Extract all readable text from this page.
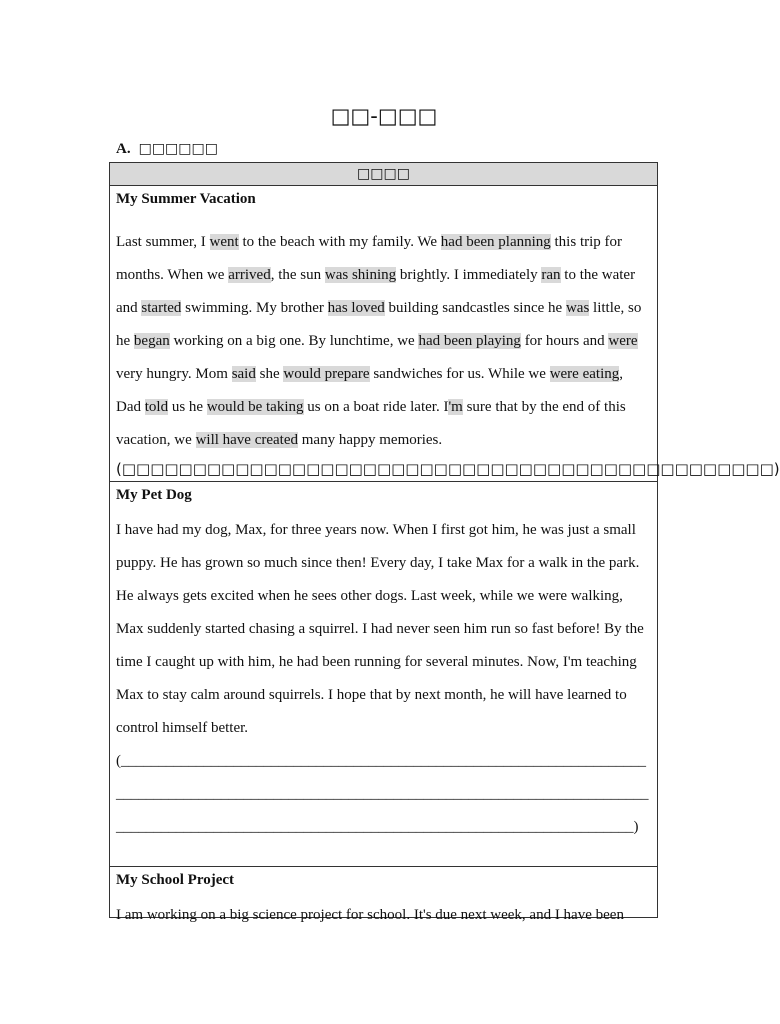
□□-□□□
A. □□□□□□
□□□□
My Summer Vacation

Last summer, I went to the beach with my family. We had been planning this trip for months. When we arrived, the sun was shining brightly. I immediately ran to the water and started swimming. My brother has loved building sandcastles since he was little, so he began working on a big one. By lunchtime, we had been playing for hours and were very hungry. Mom said she would prepare sandwiches for us. While we were eating, Dad told us he would be taking us on a boat ride later. I'm sure that by the end of this vacation, we will have created many happy memories.

(□□□□□□□□□□□□□□□□□□□□□□□□□□□□□□□□□□□□□□□□□□□□□□)

My Pet Dog

I have had my dog, Max, for three years now. When I first got him, he was just a small puppy. He has grown so much since then! Every day, I take Max for a walk in the park. He always gets excited when he sees other dogs. Last week, while we were walking, Max suddenly started chasing a squirrel. I had never seen him run so fast before! By the time I caught up with him, he had been running for several minutes. Now, I'm teaching Max to stay calm around squirrels. I hope that by next month, he will have learned to control himself better.

(______________________________________________________________________

_______________________________________________________________________

_____________________________________________________________________)

My School Project

I am working on a big science project for school. It's due next week, and I have been
